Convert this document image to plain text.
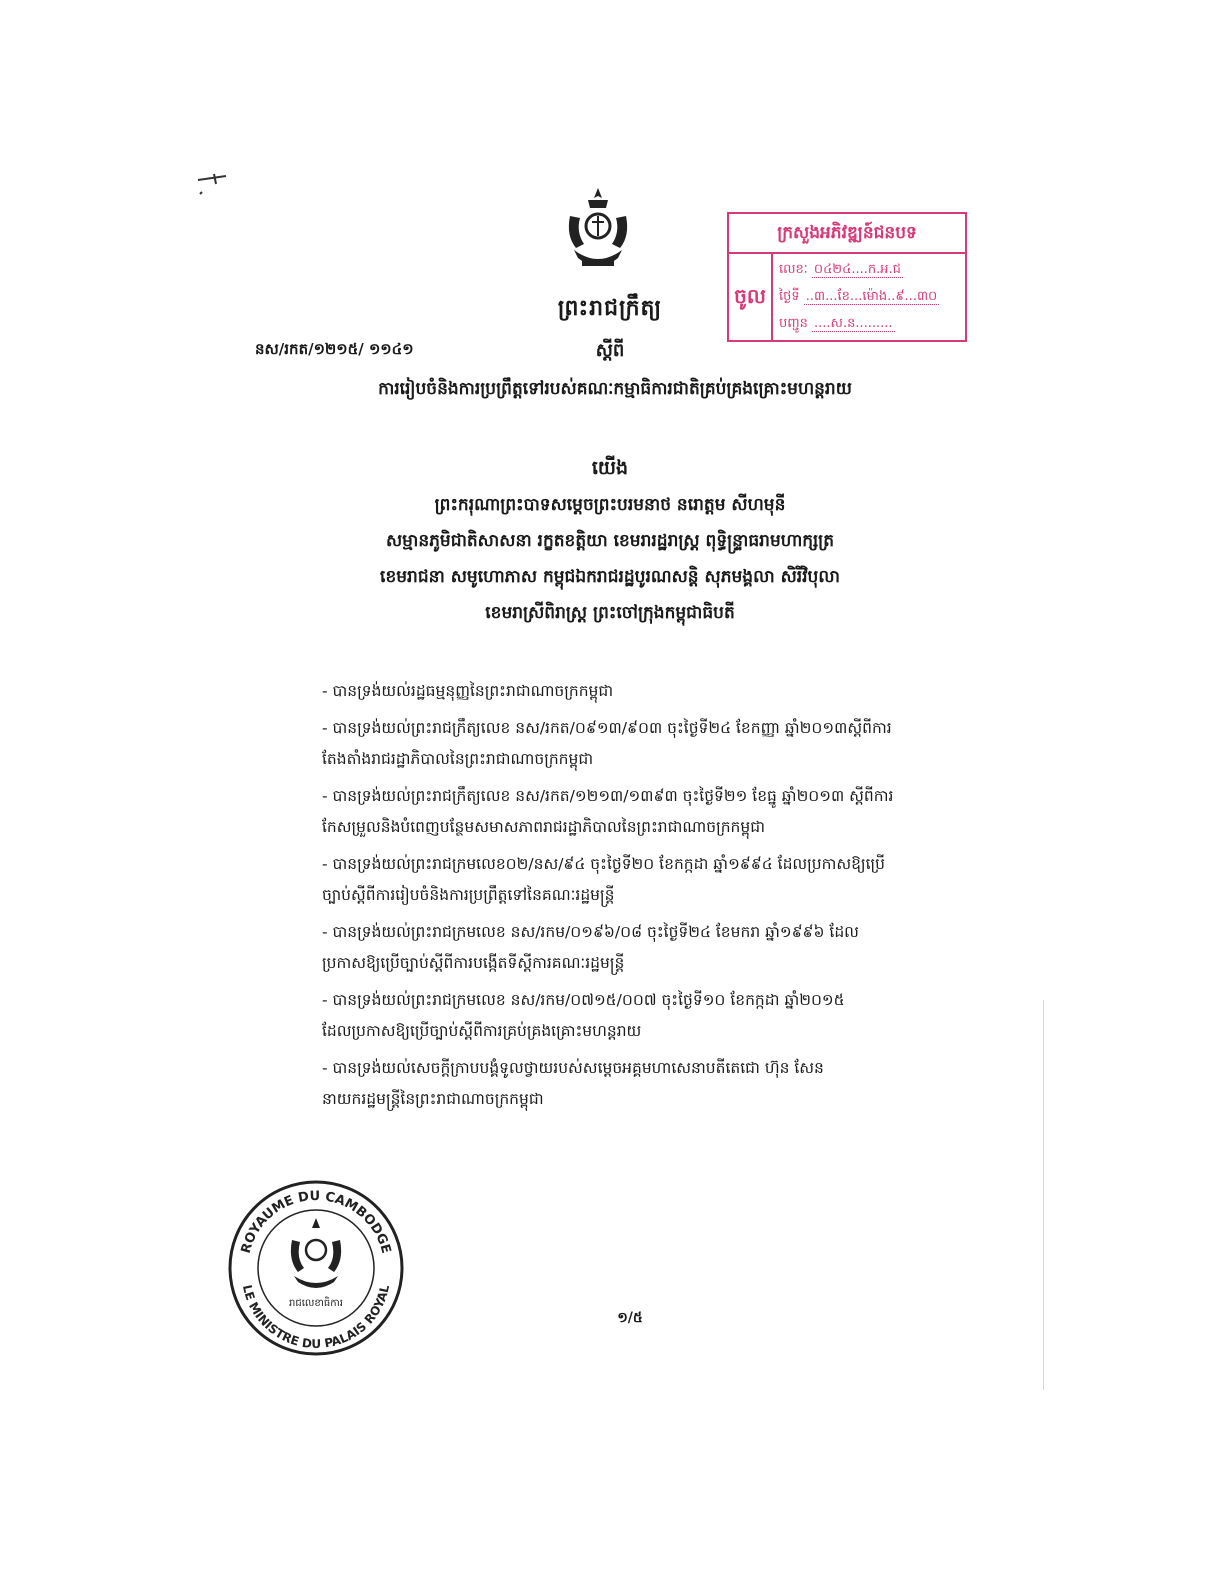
ព្រះរាជក្រឹត្យ
នស/រកត/១២១៥/ ១១៤១	ស្តីពី
ការរៀបចំនិងការប្រព្រឹត្តទៅរបស់គណៈកម្មាធិការជាតិគ្រប់គ្រងគ្រោះមហន្តរាយ
យើង
ព្រះករុណាព្រះបាទសម្តេចព្រះបរមនាថ នរោត្តម សីហមុនី
សម្មានភូមិជាតិសាសនា រក្ខតខត្តិយា ខេមរារដ្ឋរាស្ត្រ ពុទ្ធិន្ទ្រាធរាមហាក្សត្រ
ខេមរាជនា សមូហោភាស កម្ពុជឯករាជរដ្ឋបូរណសន្តិ សុភមង្គលា សិរីវិបុលា
ខេមរាស្រីពិរាស្ត្រ ព្រះចៅក្រុងកម្ពុជាធិបតី
- បានទ្រង់យល់រដ្ឋធម្មនុញ្ញនៃព្រះរាជាណាចក្រកម្ពុជា
- បានទ្រង់យល់ព្រះរាជក្រឹត្យលេខ នស/រកត/០៩១៣/៩០៣ ចុះថ្ងៃទី២៤ ខែកញ្ញា ឆ្នាំ២០១៣ស្តីពីការ
តែងតាំងរាជរដ្ឋាភិបាលនៃព្រះរាជាណាចក្រកម្ពុជា
- បានទ្រង់យល់ព្រះរាជក្រឹត្យលេខ នស/រកត/១២១៣/១៣៩៣ ចុះថ្ងៃទី២១ ខែធ្នូ ឆ្នាំ២០១៣ ស្តីពីការ
កែសម្រួលនិងបំពេញបន្ថែមសមាសភាពរាជរដ្ឋាភិបាលនៃព្រះរាជាណាចក្រកម្ពុជា
- បានទ្រង់យល់ព្រះរាជក្រមលេខ០២/នស/៩៤ ចុះថ្ងៃទី២០ ខែកក្កដា ឆ្នាំ១៩៩៤ ដែលប្រកាសឱ្យប្រើ
ច្បាប់ស្តីពីការរៀបចំនិងការប្រព្រឹត្តទៅនៃគណៈរដ្ឋមន្ត្រី
- បានទ្រង់យល់ព្រះរាជក្រមលេខ នស/រកម/០១៩៦/០៨ ចុះថ្ងៃទី២៤ ខែមករា ឆ្នាំ១៩៩៦ ដែល
ប្រកាសឱ្យប្រើច្បាប់ស្តីពីការបង្កើតទីស្តីការគណៈរដ្ឋមន្ត្រី
- បានទ្រង់យល់ព្រះរាជក្រមលេខ នស/រកម/០៧១៥/០០៧ ចុះថ្ងៃទី១០ ខែកក្កដា ឆ្នាំ២០១៥
ដែលប្រកាសឱ្យប្រើច្បាប់ស្តីពីការគ្រប់គ្រងគ្រោះមហន្តរាយ
- បានទ្រង់យល់សេចក្តីក្រាបបង្គំទូលថ្វាយរបស់សម្តេចអគ្គមហាសេនាបតីតេជោ ហ៊ុន សែន
នាយករដ្ឋមន្ត្រីនៃព្រះរាជាណាចក្រកម្ពុជា
ក្រសួងអភិវឌ្ឍន៍ជនបទ
ចូល
លេខៈ ០៤២៤....ក.អ.ជ
ថ្ងៃទី ..៣...ខែ...ម៉ោង..៩...៣០
បញ្ជូន ....ស.ន.........
ROYAUME DU CAMBODGE
LE MINISTRE DU PALAIS ROYAL
រាជលេខាធិការ
១/៥
